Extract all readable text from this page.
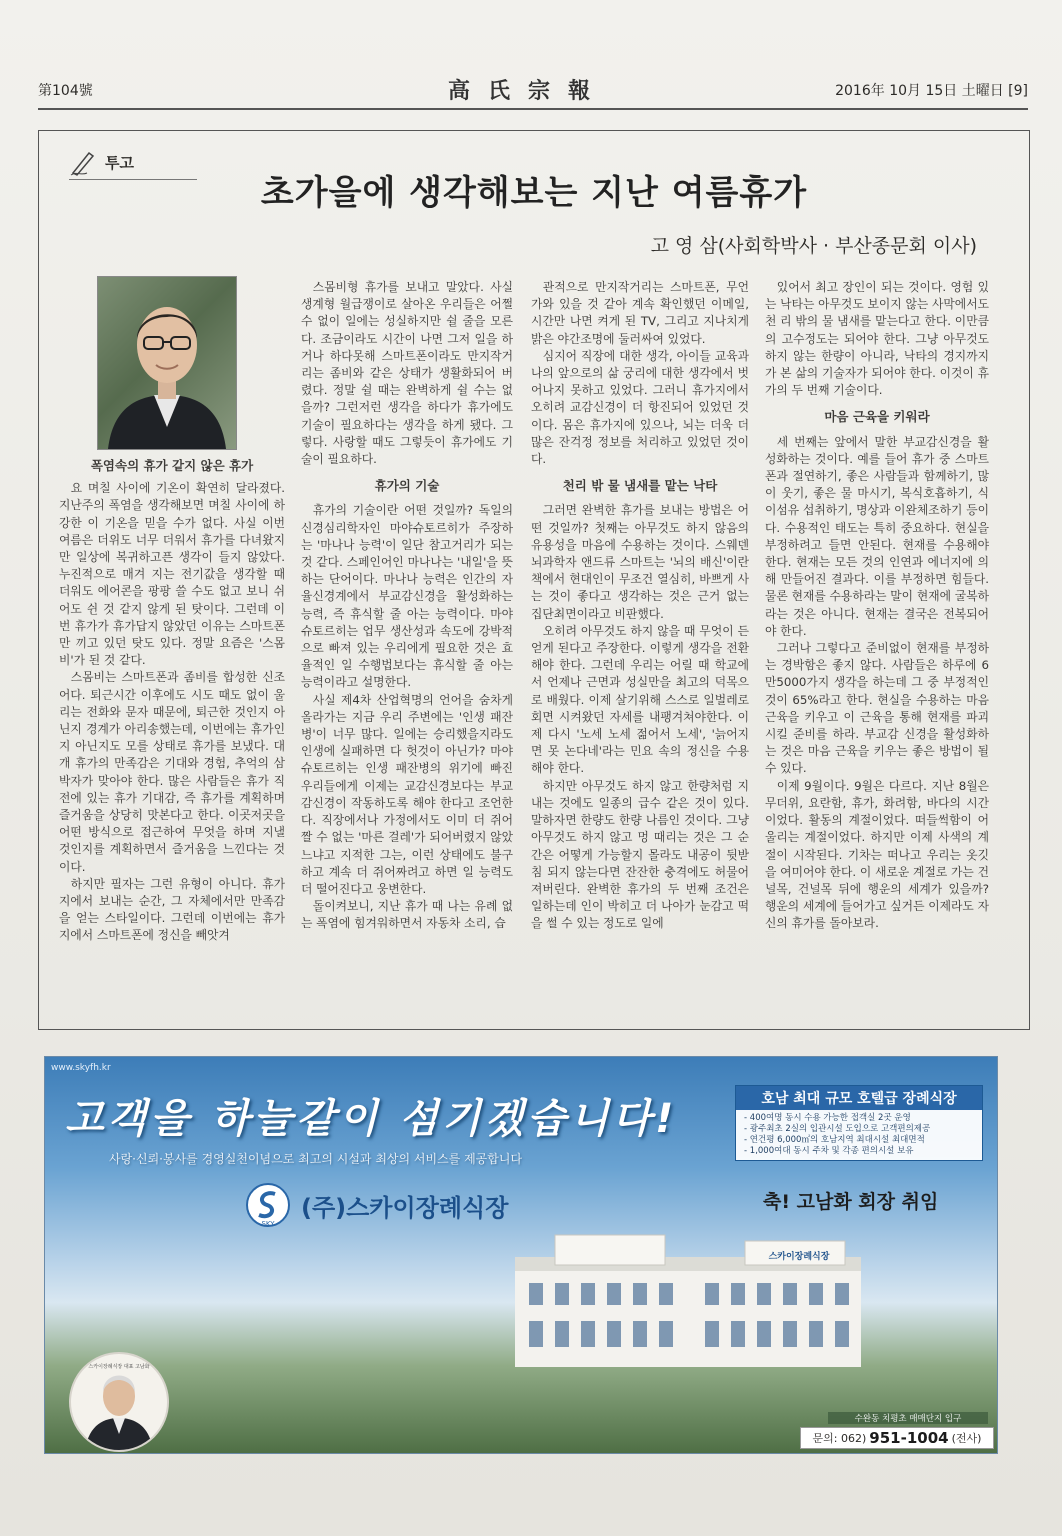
第104號	高氏宗報	2016年 10月 15日 土曜日 [9]
투고
초가을에 생각해보는 지난 여름휴가
고 영 삼(사회학박사 · 부산종문회 이사)

폭염속의 휴가 같지 않은 휴가

요 며칠 사이에 기온이 확연히 달라졌다. 지난주의 폭염을 생각해보면 며칠 사이에 하강한 이 기온을 믿을 수가 없다. 사실 이번 여름은 더위도 너무 더워서 휴가를 다녀왔지만 일상에 복귀하고픈 생각이 들지 않았다. 누진적으로 매겨 지는 전기값을 생각할 때 더워도 에어콘을 팡팡 쓸 수도 없고 보니 쉬어도 쉰 것 같지 않게 된 탓이다. 그런데 이번 휴가가 휴가답지 않았던 이유는 스마트폰만 끼고 있던 탓도 있다. 정말 요즘은 '스몸비'가 된 것 같다.

스몸비는 스마트폰과 좀비를 합성한 신조어다. 퇴근시간 이후에도 시도 때도 없이 울리는 전화와 문자 때문에, 퇴근한 것인지 아닌지 경계가 아리송했는데, 이번에는 휴가인지 아닌지도 모를 상태로 휴가를 보냈다. 대개 휴가의 만족감은 기대와 경험, 추억의 삼박자가 맞아야 한다. 많은 사람들은 휴가 직전에 있는 휴가 기대감, 즉 휴가를 계획하며 즐거움을 상당히 맛본다고 한다. 이곳저곳을 어떤 방식으로 접근하여 무엇을 하며 지낼 것인지를 계획하면서 즐거움을 느낀다는 것이다.

하지만 필자는 그런 유형이 아니다. 휴가지에서 보내는 순간, 그 자체에서만 만족감을 얻는 스타일이다. 그런데 이번에는 휴가지에서 스마트폰에 정신을 빼앗겨

스몸비형 휴가를 보내고 말았다. 사실 생계형 월급쟁이로 살아온 우리들은 어쩔 수 없이 일에는 성실하지만 쉴 줄을 모른다. 조금이라도 시간이 나면 그저 일을 하거나 하다못해 스마트폰이라도 만지작거리는 좀비와 같은 상태가 생활화되어 버렸다. 정말 쉴 때는 완벽하게 쉴 수는 없을까? 그런저런 생각을 하다가 휴가에도 기술이 필요하다는 생각을 하게 됐다. 그렇다. 사랑할 때도 그렇듯이 휴가에도 기술이 필요하다.

휴가의 기술

휴가의 기술이란 어떤 것일까? 독일의 신경심리학자인 마야슈토르히가 주장하는 '마나나 능력'이 일단 참고거리가 되는 것 같다. 스페인어인 마나나는 '내일'을 뜻하는 단어이다. 마나나 능력은 인간의 자율신경계에서 부교감신경을 활성화하는 능력, 즉 휴식할 줄 아는 능력이다. 마야슈토르히는 업무 생산성과 속도에 강박적으로 빠져 있는 우리에게 필요한 것은 효율적인 일 수행법보다는 휴식할 줄 아는 능력이라고 설명한다.

사실 제4차 산업혁명의 언어을 숨차게 올라가는 지금 우리 주변에는 '인생 패잔병'이 너무 많다. 일에는 승리했을지라도 인생에 실패하면 다 헛것이 아닌가? 마야슈토르히는 인생 패잔병의 위기에 빠진 우리들에게 이제는 교감신경보다는 부교감신경이 작동하도록 해야 한다고 조언한다. 직장에서나 가정에서도 이미 더 쥐어짤 수 없는 '마른 걸레'가 되어버렸지 않았느냐고 지적한 그는, 이런 상태에도 불구하고 계속 더 쥐어짜려고 하면 일 능력도 더 떨어진다고 웅변한다.

돌이켜보니, 지난 휴가 때 나는 유례 없는 폭염에 힘겨워하면서 자동차 소리, 습

관적으로 만지작거리는 스마트폰, 무언가와 있을 것 같아 계속 확인했던 이메일, 시간만 나면 켜게 된 TV, 그리고 지나치게 밝은 야간조명에 둘러싸여 있었다.

심지어 직장에 대한 생각, 아이들 교육과 나의 앞으로의 삶 궁리에 대한 생각에서 벗어나지 못하고 있었다. 그러니 휴가지에서 오히려 교감신경이 더 항진되어 있었던 것이다. 몸은 휴가지에 있으나, 뇌는 더욱 더 많은 잔걱정 정보를 처리하고 있었던 것이다.

천리 밖 물 냄새를 맡는 낙타

그러면 완벽한 휴가를 보내는 방법은 어떤 것일까? 첫째는 아무것도 하지 않음의 유용성을 마음에 수용하는 것이다. 스웨덴 뇌과학자 앤드류 스마트는 '뇌의 배신'이란 책에서 현대인이 무조건 열심히, 바쁘게 사는 것이 좋다고 생각하는 것은 근거 없는 집단최면이라고 비판했다.

오히려 아무것도 하지 않을 때 무엇이 든 얻게 된다고 주장한다. 이렇게 생각을 전환해야 한다. 그런데 우리는 어릴 때 학교에서 언제나 근면과 성실만을 최고의 덕목으로 배웠다. 이제 살기위해 스스로 일벌레로 회면 시켜왔던 자세를 내팽겨쳐야한다. 이제 다시 '노세 노세 젊어서 노세', '늙어지면 못 논다네'라는 민요 속의 정신을 수용해야 한다.

하지만 아무것도 하지 않고 한량처럼 지내는 것에도 일종의 급수 같은 것이 있다. 말하자면 한량도 한량 나름인 것이다. 그냥 아무것도 하지 않고 멍 때리는 것은 그 순간은 어떻게 가능할지 몰라도 내공이 뒷받침 되지 않는다면 잔잔한 충격에도 허물어져버린다. 완벽한 휴가의 두 번째 조건은 일하는데 인이 박히고 더 나아가 눈감고 떡을 썰 수 있는 정도로 일에

있어서 최고 장인이 되는 것이다. 영험 있는 낙타는 아무것도 보이지 않는 사막에서도 천 리 밖의 물 냄새를 맡는다고 한다. 이만큼의 고수정도는 되어야 한다. 그냥 아무것도 하지 않는 한량이 아니라, 낙타의 경지까지 가 본 삶의 기술자가 되어야 한다. 이것이 휴가의 두 번째 기술이다.

마음 근육을 키워라

세 번째는 앞에서 말한 부교감신경을 활성화하는 것이다. 예를 들어 휴가 중 스마트폰과 절연하기, 좋은 사람들과 함께하기, 많이 웃기, 좋은 물 마시기, 복식호흡하기, 식이섬유 섭취하기, 명상과 이완체조하기 등이다. 수용적인 태도는 특히 중요하다. 현실을 부정하려고 들면 안된다. 현재를 수용해야 한다. 현재는 모든 것의 인연과 에너지에 의해 만들어진 결과다. 이를 부정하면 힘들다. 물론 현재를 수용하라는 말이 현재에 굴복하라는 것은 아니다. 현재는 결국은 전복되어야 한다.

그러나 그렇다고 준비없이 현재를 부정하는 경박함은 좋지 않다. 사람들은 하루에 6만5000가지 생각을 하는데 그 중 부정적인 것이 65%라고 한다. 현실을 수용하는 마음 근육을 키우고 이 근육을 통해 현재를 파괴시킬 준비를 하라. 부교감 신경을 활성화하는 것은 마음 근육을 키우는 좋은 방법이 될 수 있다.

이제 9월이다. 9월은 다르다. 지난 8월은 무더위, 요란함, 휴가, 화려함, 바다의 시간이었다. 활동의 계절이었다. 떠들썩함이 어울리는 계절이었다. 하지만 이제 사색의 계절이 시작된다. 기차는 떠나고 우리는 옷깃을 여미어야 한다. 이 새로운 계절로 가는 건널목, 건널목 뒤에 행운의 세계가 있을까? 행운의 세계에 들어가고 싶거든 이제라도 자신의 휴가를 돌아보라.

www.skyfh.kr
고객을 하늘같이 섬기겠습니다!
사랑·신뢰·봉사를 경영실천이념으로 최고의 시설과 최상의 서비스를 제공합니다
호남 최대 규모 호텔급 장례식장
- 400여명 동시 수용 가능한 접객실 2곳 운영
- 광주최초 2실의 입관시설 도입으로 고객편의제공
- 연건평 6,000㎡의 호남지역 최대시설 최대면적
- 1,000여대 동시 주차 및 각종 편의시설 보유
SKY
(주)스카이장례식장	축! 고남화 회장 취임
스카이장례식장
스카이장례식장 대표 고남화
수완동 치평초 매매단지 입구
문의: 062) 951-1004 (전사)
